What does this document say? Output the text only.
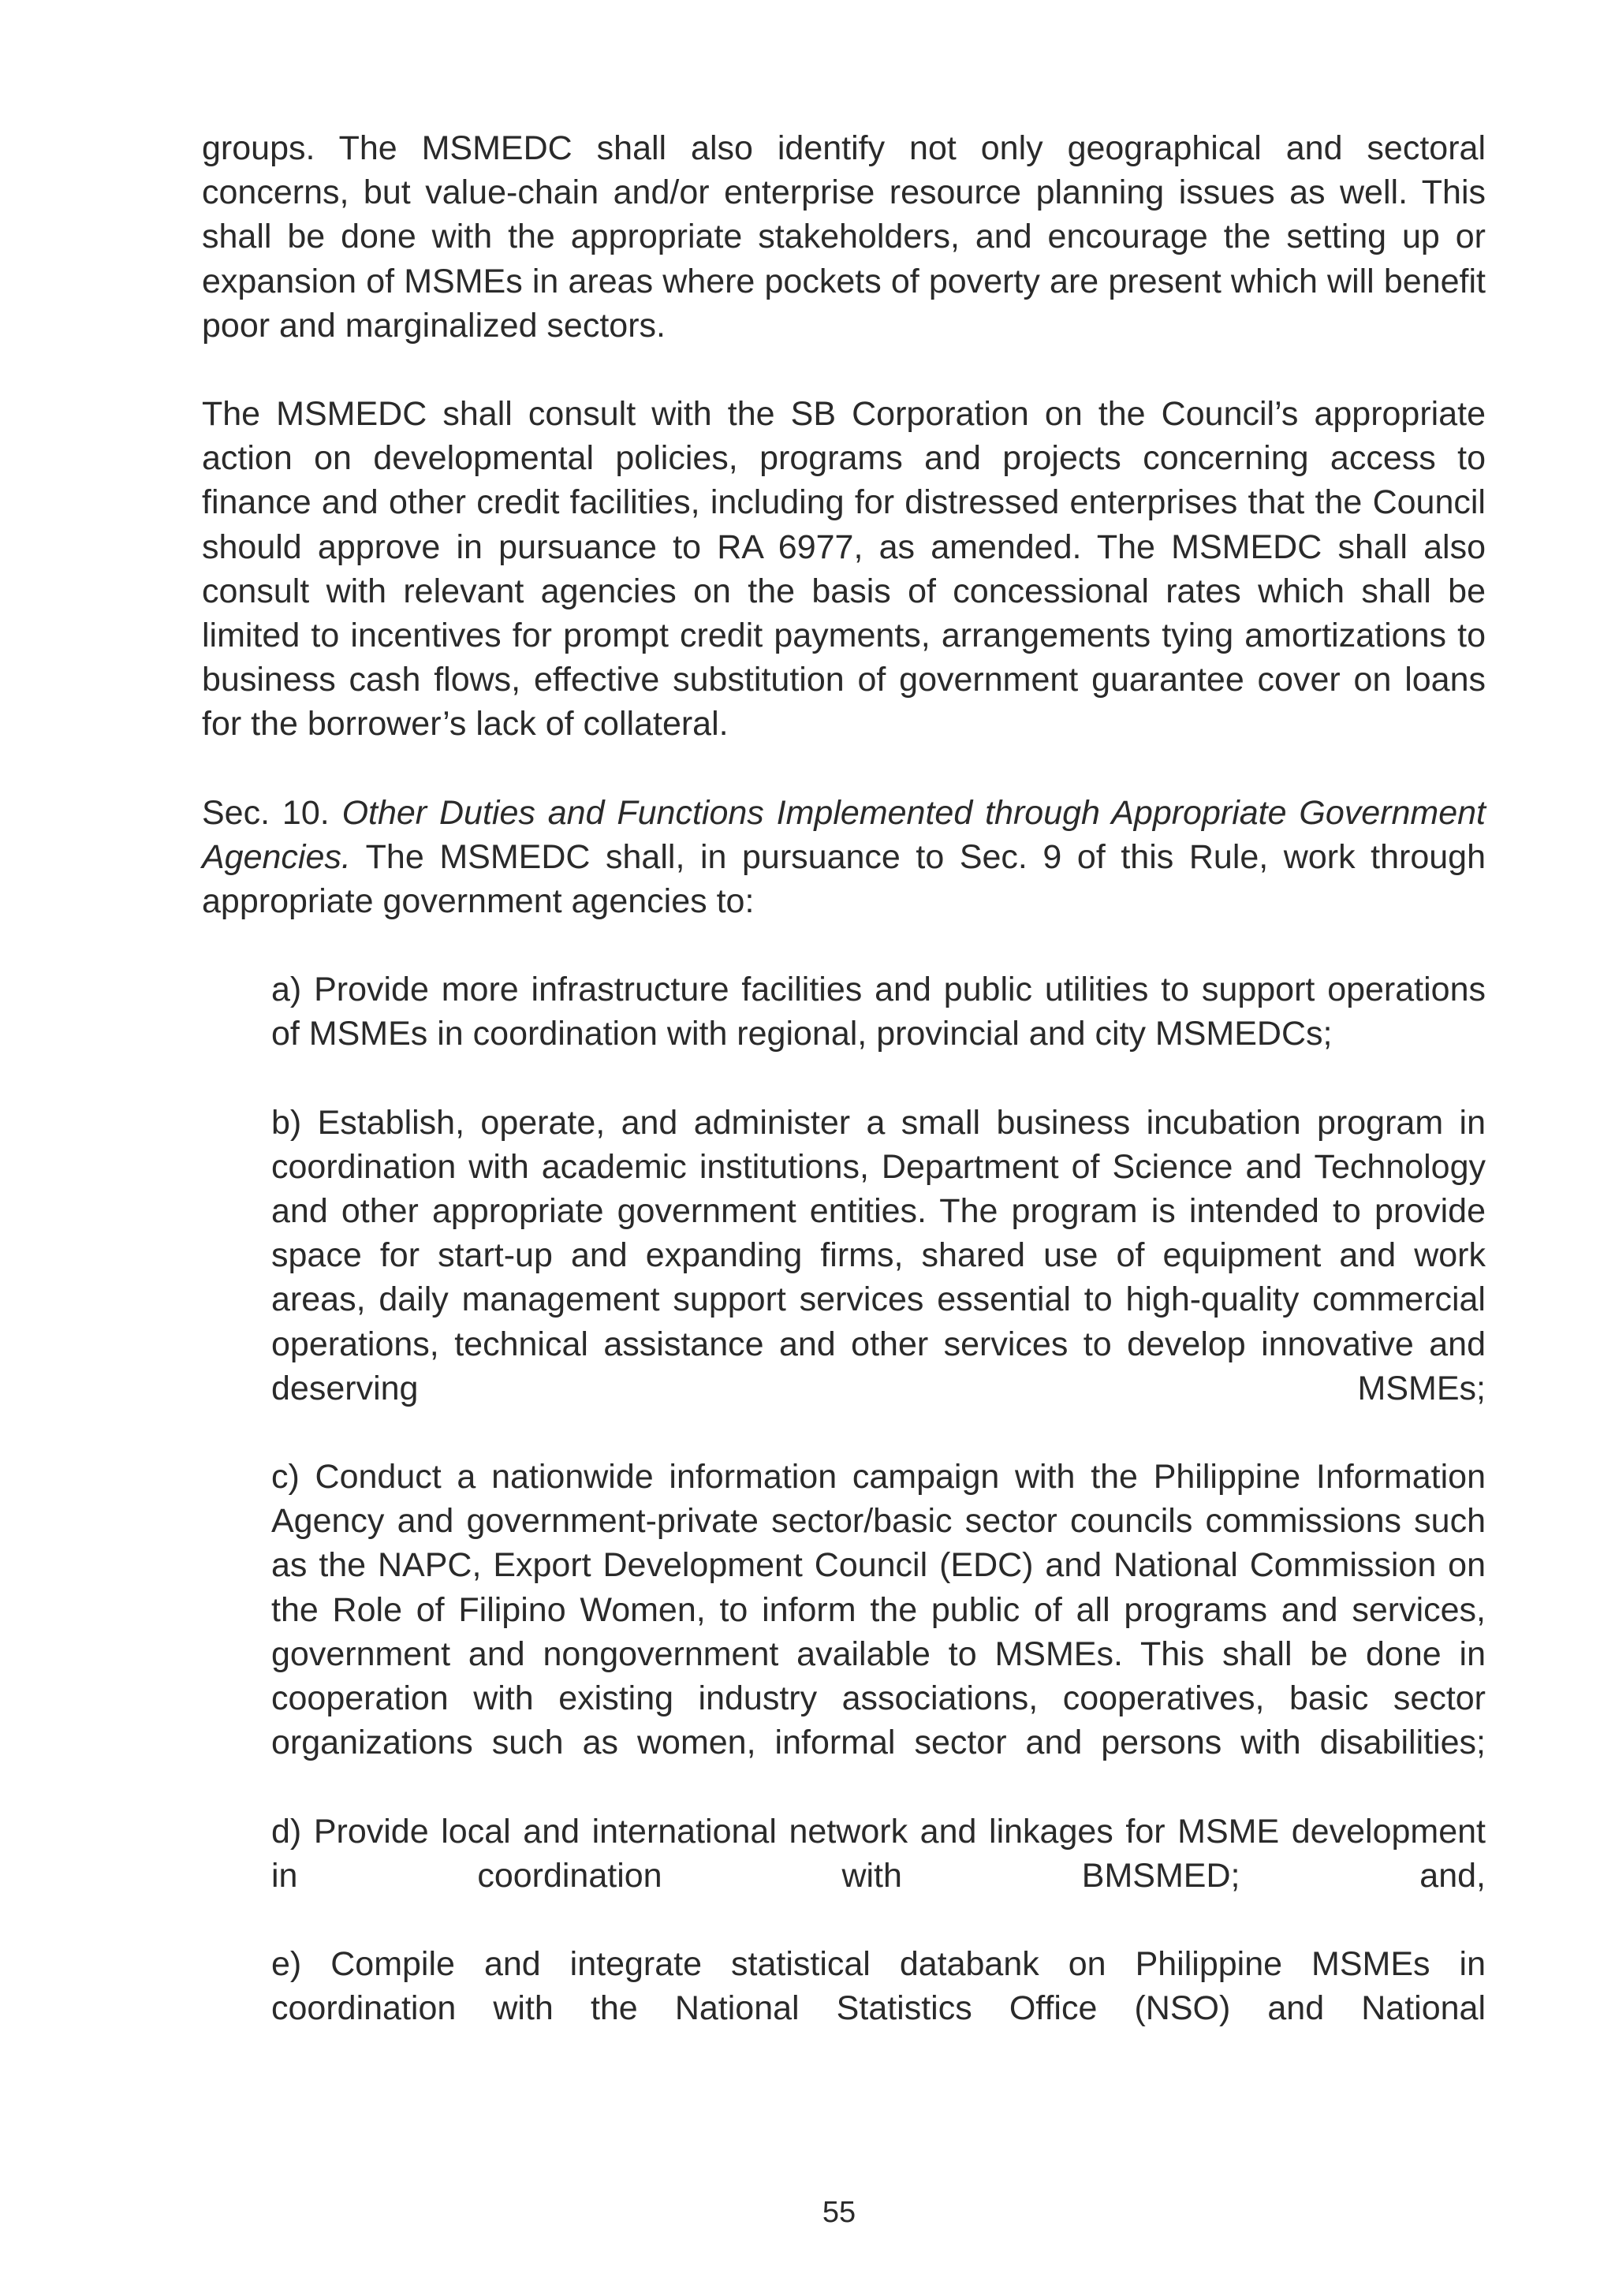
groups. The MSMEDC shall also identify not only geographical and sectoral concerns, but value-chain and/or enterprise resource planning issues as well. This shall be done with the appropriate stakeholders, and encourage the setting up or expansion of MSMEs in areas where pockets of poverty are present which will benefit poor and marginalized sectors.

The MSMEDC shall consult with the SB Corporation on the Council’s appropriate action on developmental policies, programs and projects concerning access to finance and other credit facilities, including for distressed enterprises that the Council should approve in pursuance to RA 6977, as amended. The MSMEDC shall also consult with relevant agencies on the basis of concessional rates which shall be limited to incentives for prompt credit payments, arrangements tying amortizations to business cash flows, effective substitution of government guarantee cover on loans for the borrower’s lack of collateral.

Sec. 10. Other Duties and Functions Implemented through Appropriate Government Agencies. The MSMEDC shall, in pursuance to Sec. 9 of this Rule, work through appropriate government agencies to:

a) Provide more infrastructure facilities and public utilities to support operations of MSMEs in coordination with regional, provincial and city MSMEDCs;

b) Establish, operate, and administer a small business incubation program in coordination with academic institutions, Department of Science and Technology and other appropriate government entities. The program is intended to provide space for start-up and expanding firms, shared use of equipment and work areas, daily management support services essential to high-quality commercial operations, technical assistance and other services to develop innovative and deserving MSMEs;

c) Conduct a nationwide information campaign with the Philippine Information Agency and government-private sector/basic sector councils commissions such as the NAPC, Export Development Council (EDC) and National Commission on the Role of Filipino Women, to inform the public of all programs and services, government and nongovernment available to MSMEs. This shall be done in cooperation with existing industry associations, cooperatives, basic sector organizations such as women, informal sector and persons with disabilities;

d) Provide local and international network and linkages for MSME development in coordination with BMSMED; and,

e) Compile and integrate statistical databank on Philippine MSMEs in coordination with the National Statistics Office (NSO) and National

55
